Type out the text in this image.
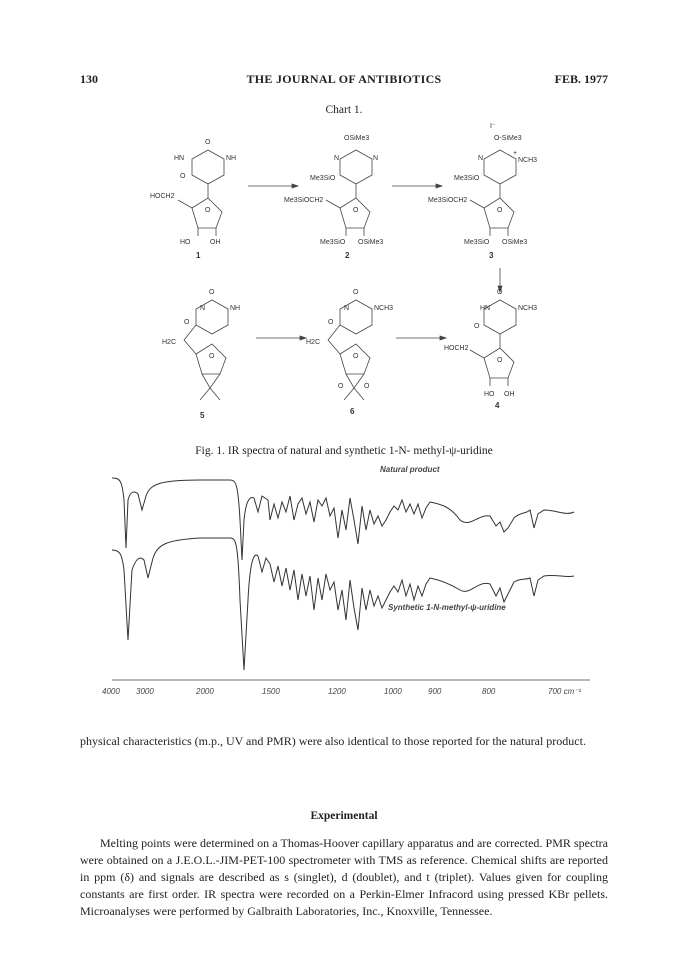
130	THE JOURNAL OF ANTIBIOTICS	FEB. 1977
Chart 1.
O
HN	NH
O
HOCH2
O
HO	OH
1
OSiMe3
N	N
Me3SiO
Me3SiOCH2
O
Me3SiO OSiMe3
2
I⁻
O-SiMe3
N
+
NCH3
Me3SiO
Me3SiOCH2
O
Me3SiO OSiMe3
3
O
N	NH
O
H2C
O
5
O
N	NCH3
O
H2C
O
O	O
6
O
HN	NCH3
O
HOCH2
O
HO OH
4
Fig. 1. IR spectra of natural and synthetic 1-N- methyl-ψ-uridine
Natural product
Synthetic 1-N-methyl-ψ-uridine
4000 3000	2000	1500	1200	1000	900	800	700 cm⁻¹
physical characteristics (m.p., UV and PMR) were also identical to those reported for the natural product.
Experimental
Melting points were determined on a Thomas-Hoover capillary apparatus and are corrected. PMR spectra were obtained on a J.E.O.L.-JIM-PET-100 spectrometer with TMS as reference. Chemical shifts are reported in ppm (δ) and signals are described as s (singlet), d (doublet), and t (triplet). Values given for coupling constants are first order. IR spectra were recorded on a Perkin-Elmer Infracord using pressed KBr pellets. Microanalyses were performed by Galbraith Laboratories, Inc., Knoxville, Tennessee.
